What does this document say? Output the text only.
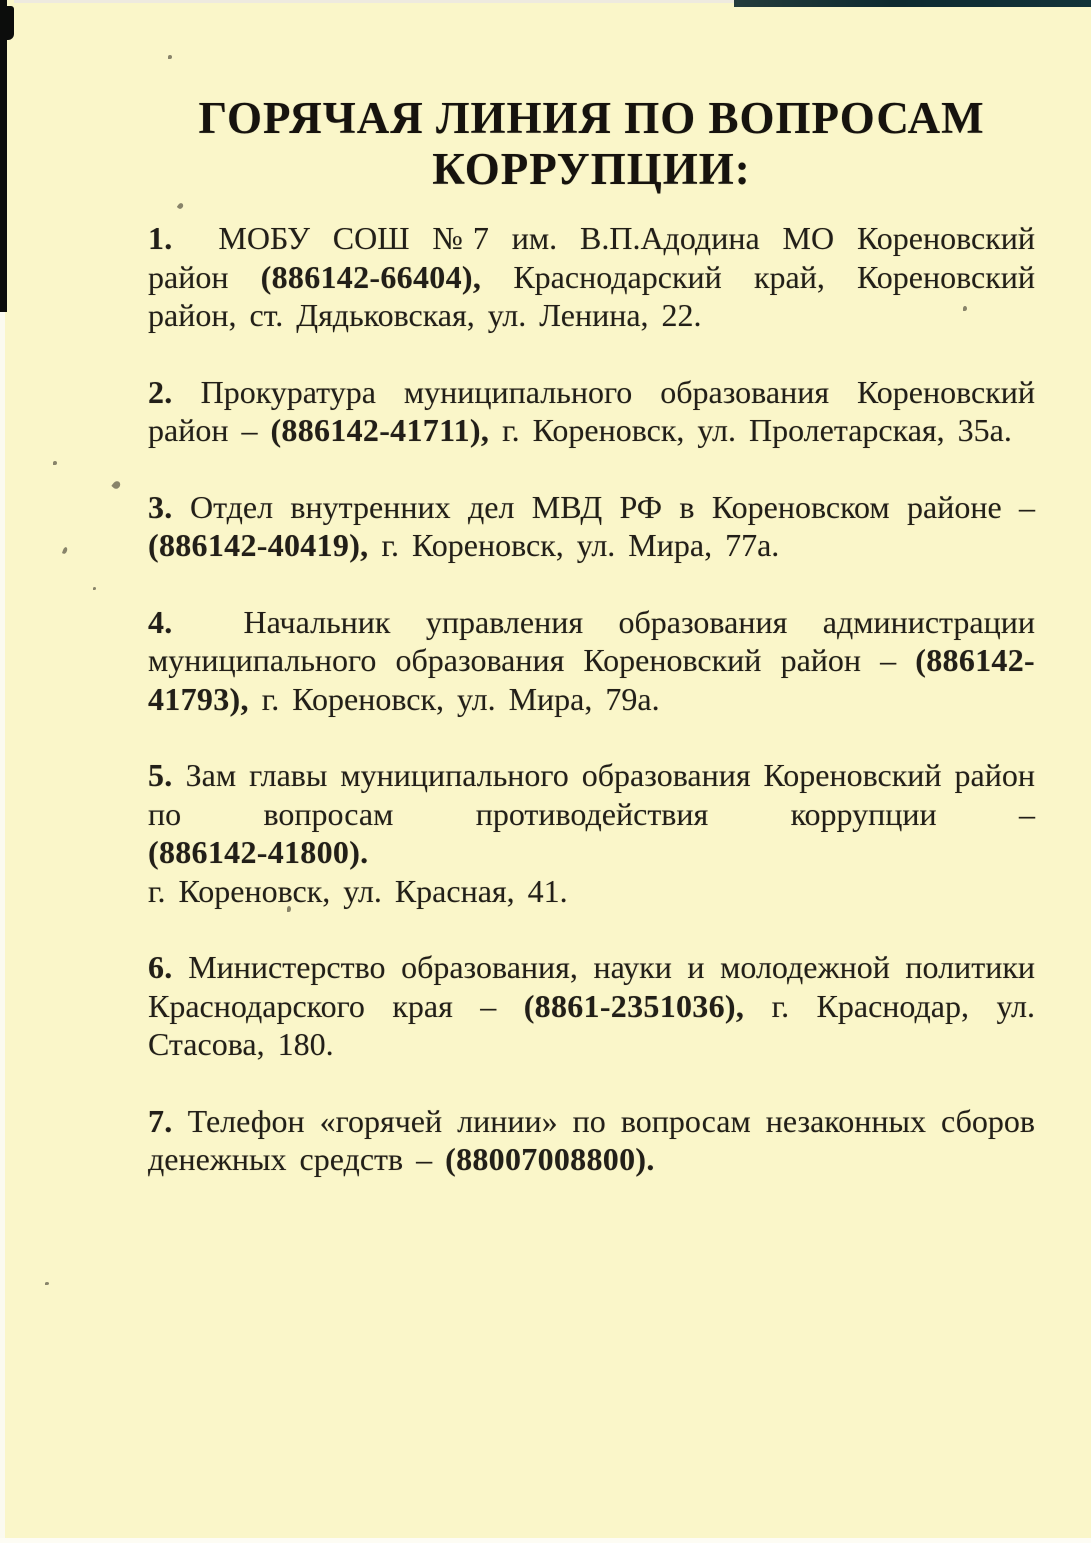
ГОРЯЧАЯ ЛИНИЯ ПО ВОПРОСАМ
КОРРУПЦИИ:

1.  МОБУ СОШ №7 им. В.П.Адодина МО Кореновский район (886142-66404), Краснодарский край, Кореновский район, ст. Дядьковская, ул. Ленина, 22.

2. Прокуратура муниципального образования Кореновский район – (886142-41711), г. Кореновск, ул. Пролетарская, 35а.

3. Отдел внутренних дел МВД РФ в Кореновском районе – (886142-40419), г. Кореновск, ул. Мира, 77а.

4.  Начальник управления образования администрации муниципального образования Кореновский район – (886142-41793), г. Кореновск, ул. Мира, 79а.

5. Зам главы муниципального образования Кореновский район по вопросам противодействия коррупции –

(886142-41800).
г. Кореновск, ул. Красная, 41.

6. Министерство образования, науки и молодежной политики Краснодарского края – (8861-2351036), г. Краснодар, ул. Стасова, 180.

7. Телефон «горячей линии» по вопросам незаконных сборов денежных средств – (88007008800).
